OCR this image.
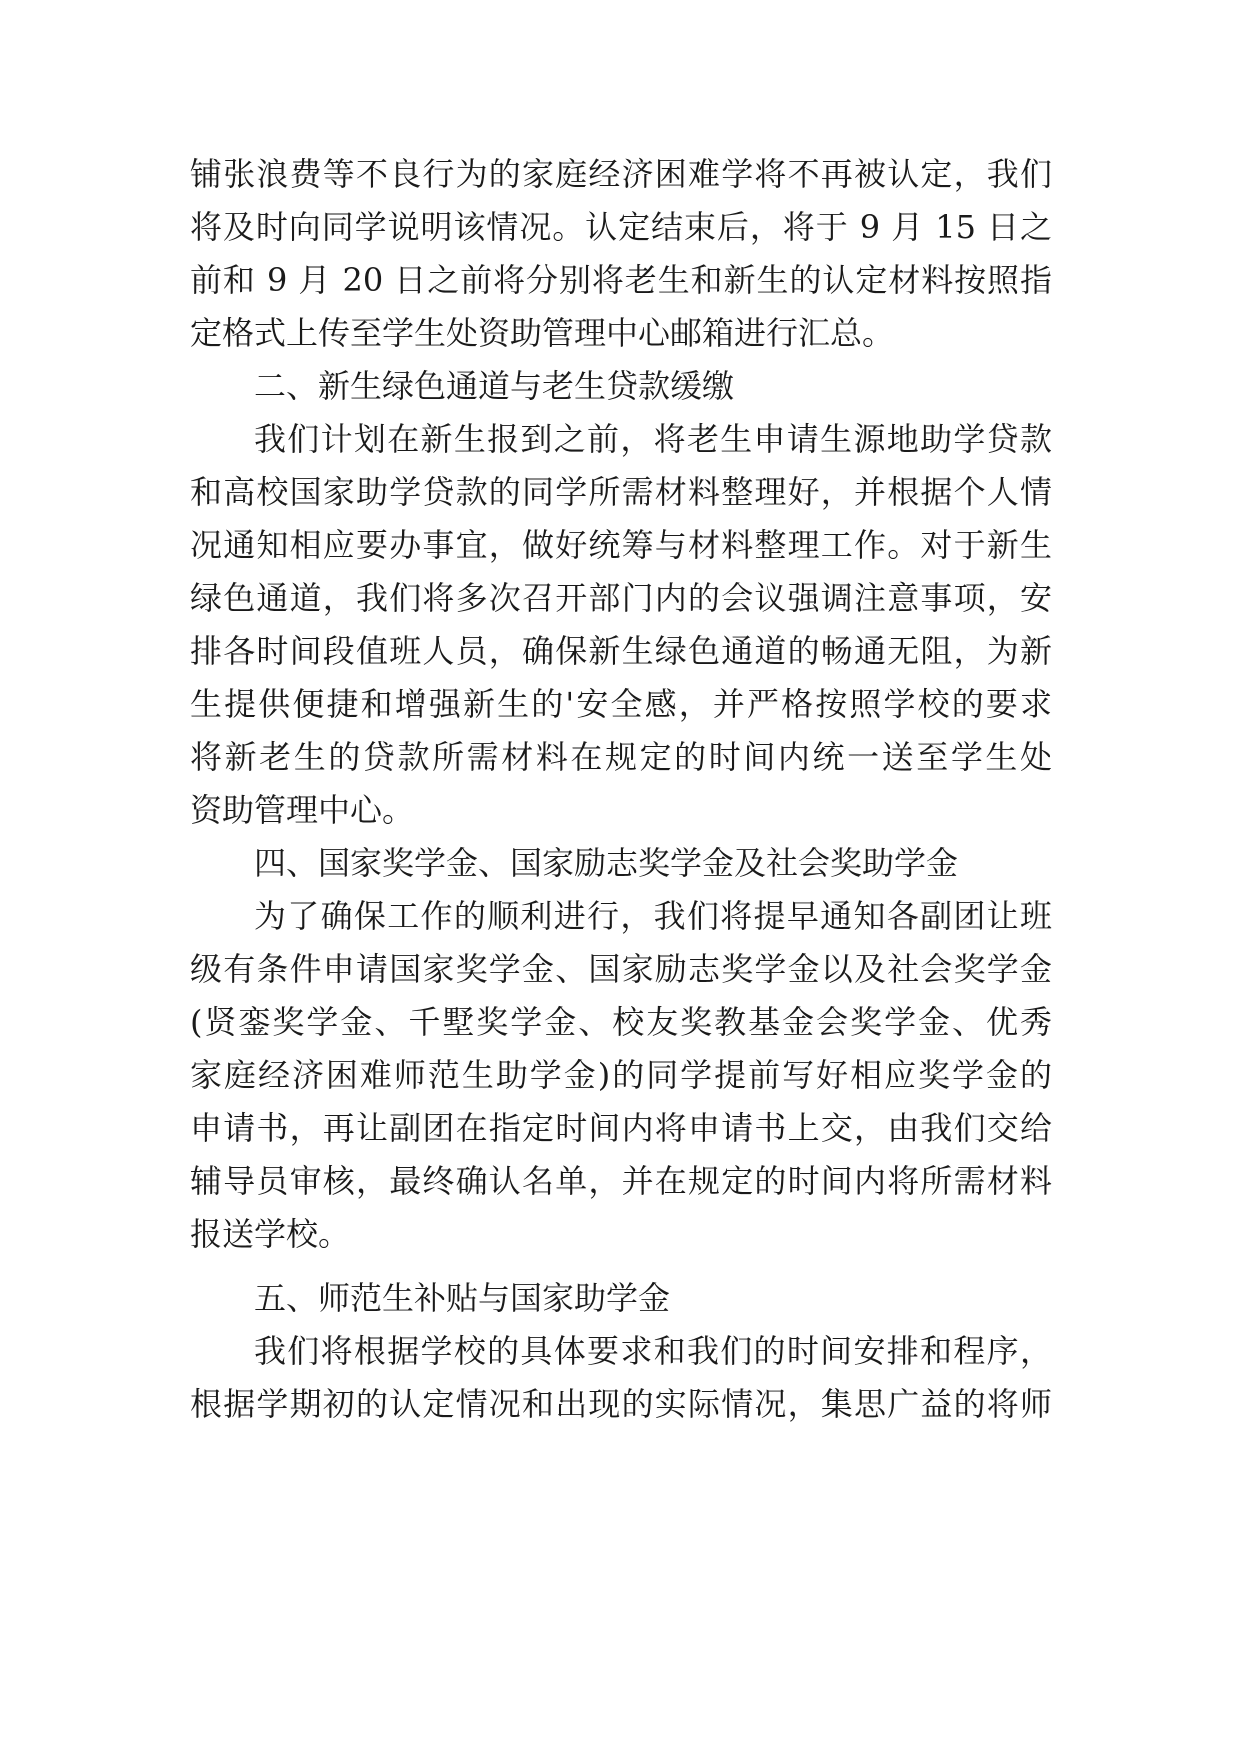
铺张浪费等不良行为的家庭经济困难学将不再被认定，我们
将及时向同学说明该情况。认定结束后，将于 9 月 15 日之
前和 9 月 20 日之前将分别将老生和新生的认定材料按照指
定格式上传至学生处资助管理中心邮箱进行汇总。
二、新生绿色通道与老生贷款缓缴
我们计划在新生报到之前，将老生申请生源地助学贷款
和高校国家助学贷款的同学所需材料整理好，并根据个人情
况通知相应要办事宜，做好统筹与材料整理工作。对于新生
绿色通道，我们将多次召开部门内的会议强调注意事项，安
排各时间段值班人员，确保新生绿色通道的畅通无阻，为新
生提供便捷和增强新生的'安全感，并严格按照学校的要求
将新老生的贷款所需材料在规定的时间内统一送至学生处
资助管理中心。
四、国家奖学金、国家励志奖学金及社会奖助学金
为了确保工作的顺利进行，我们将提早通知各副团让班
级有条件申请国家奖学金、国家励志奖学金以及社会奖学金
(贤銮奖学金、千墅奖学金、校友奖教基金会奖学金、优秀
家庭经济困难师范生助学金)的同学提前写好相应奖学金的
申请书，再让副团在指定时间内将申请书上交，由我们交给
辅导员审核，最终确认名单，并在规定的时间内将所需材料
报送学校。
五、师范生补贴与国家助学金
我们将根据学校的具体要求和我们的时间安排和程序，
根据学期初的认定情况和出现的实际情况，集思广益的将师
